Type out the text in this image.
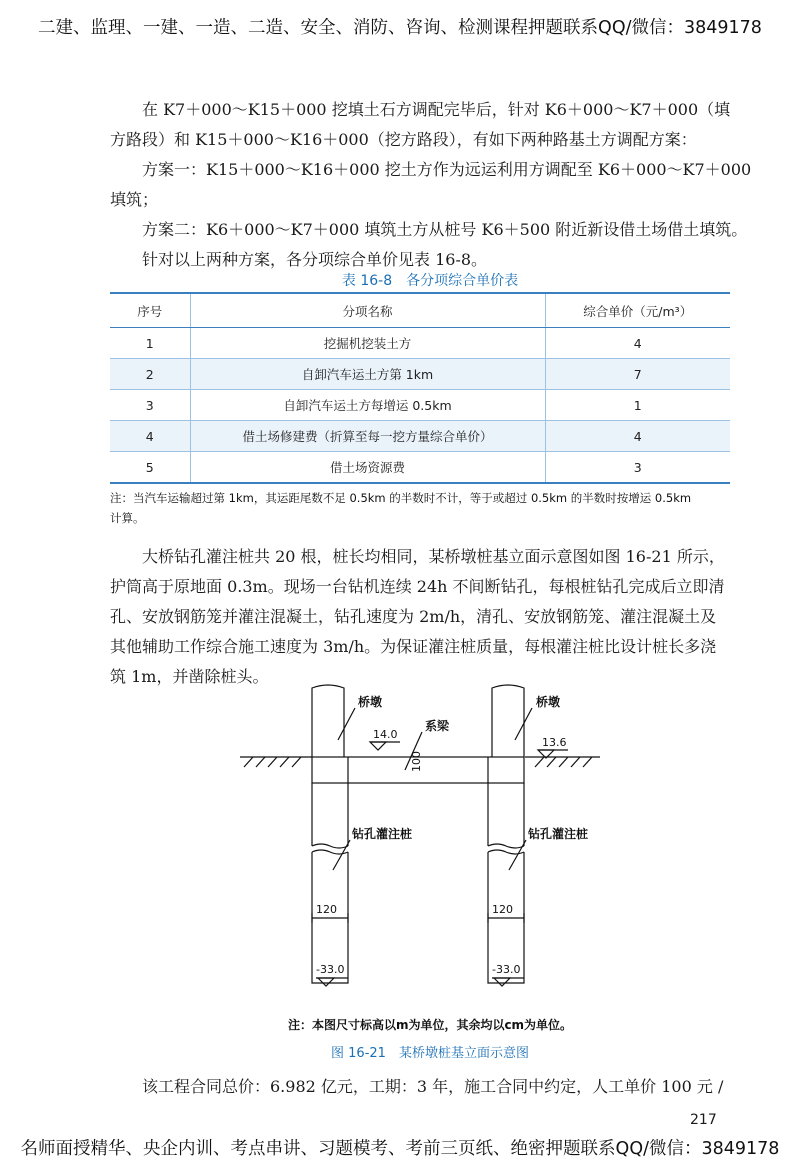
二建、监理、一建、一造、二造、安全、消防、咨询、检测课程押题联系QQ/微信：3849178
在 K7＋000～K15＋000 挖填土石方调配完毕后，针对 K6＋000～K7＋000（填
方路段）和 K15＋000～K16＋000（挖方路段），有如下两种路基土方调配方案：
方案一：K15＋000～K16＋000 挖土方作为远运利用方调配至 K6＋000～K7＋000
填筑；
方案二：K6＋000～K7＋000 填筑土方从桩号 K6＋500 附近新设借土场借土填筑。
针对以上两种方案，各分项综合单价见表 16-8。
表 16-8　各分项综合单价表
序号	分项名称	综合单价（元/m³）
1	挖掘机挖装土方	4
2	自卸汽车运土方第 1km	7
3	自卸汽车运土方每增运 0.5km	1
4	借土场修建费（折算至每一挖方量综合单价）	4
5	借土场资源费	3
注：当汽车运输超过第 1km，其运距尾数不足 0.5km 的半数时不计，等于或超过 0.5km 的半数时按增运 0.5km
计算。
大桥钻孔灌注桩共 20 根，桩长均相同，某桥墩桩基立面示意图如图 16-21 所示，
护筒高于原地面 0.3m。现场一台钻机连续 24h 不间断钻孔，每根桩钻孔完成后立即清
孔、安放钢筋笼并灌注混凝土，钻孔速度为 2m/h，清孔、安放钢筋笼、灌注混凝土及
其他辅助工作综合施工速度为 3m/h。为保证灌注桩质量，每根灌注桩比设计桩长多浇
筑 1m，并凿除桩头。
桥墩	桥墩
系梁
钻孔灌注桩	钻孔灌注桩
14.0
13.6
120	120
-33.0	-33.0
100
注：本图尺寸标高以m为单位，其余均以cm为单位。
图 16-21　某桥墩桩基立面示意图
该工程合同总价：6.982 亿元，工期：3 年，施工合同中约定，人工单价 100 元 /
217
名师面授精华、央企内训、考点串讲、习题模考、考前三页纸、绝密押题联系QQ/微信：3849178
